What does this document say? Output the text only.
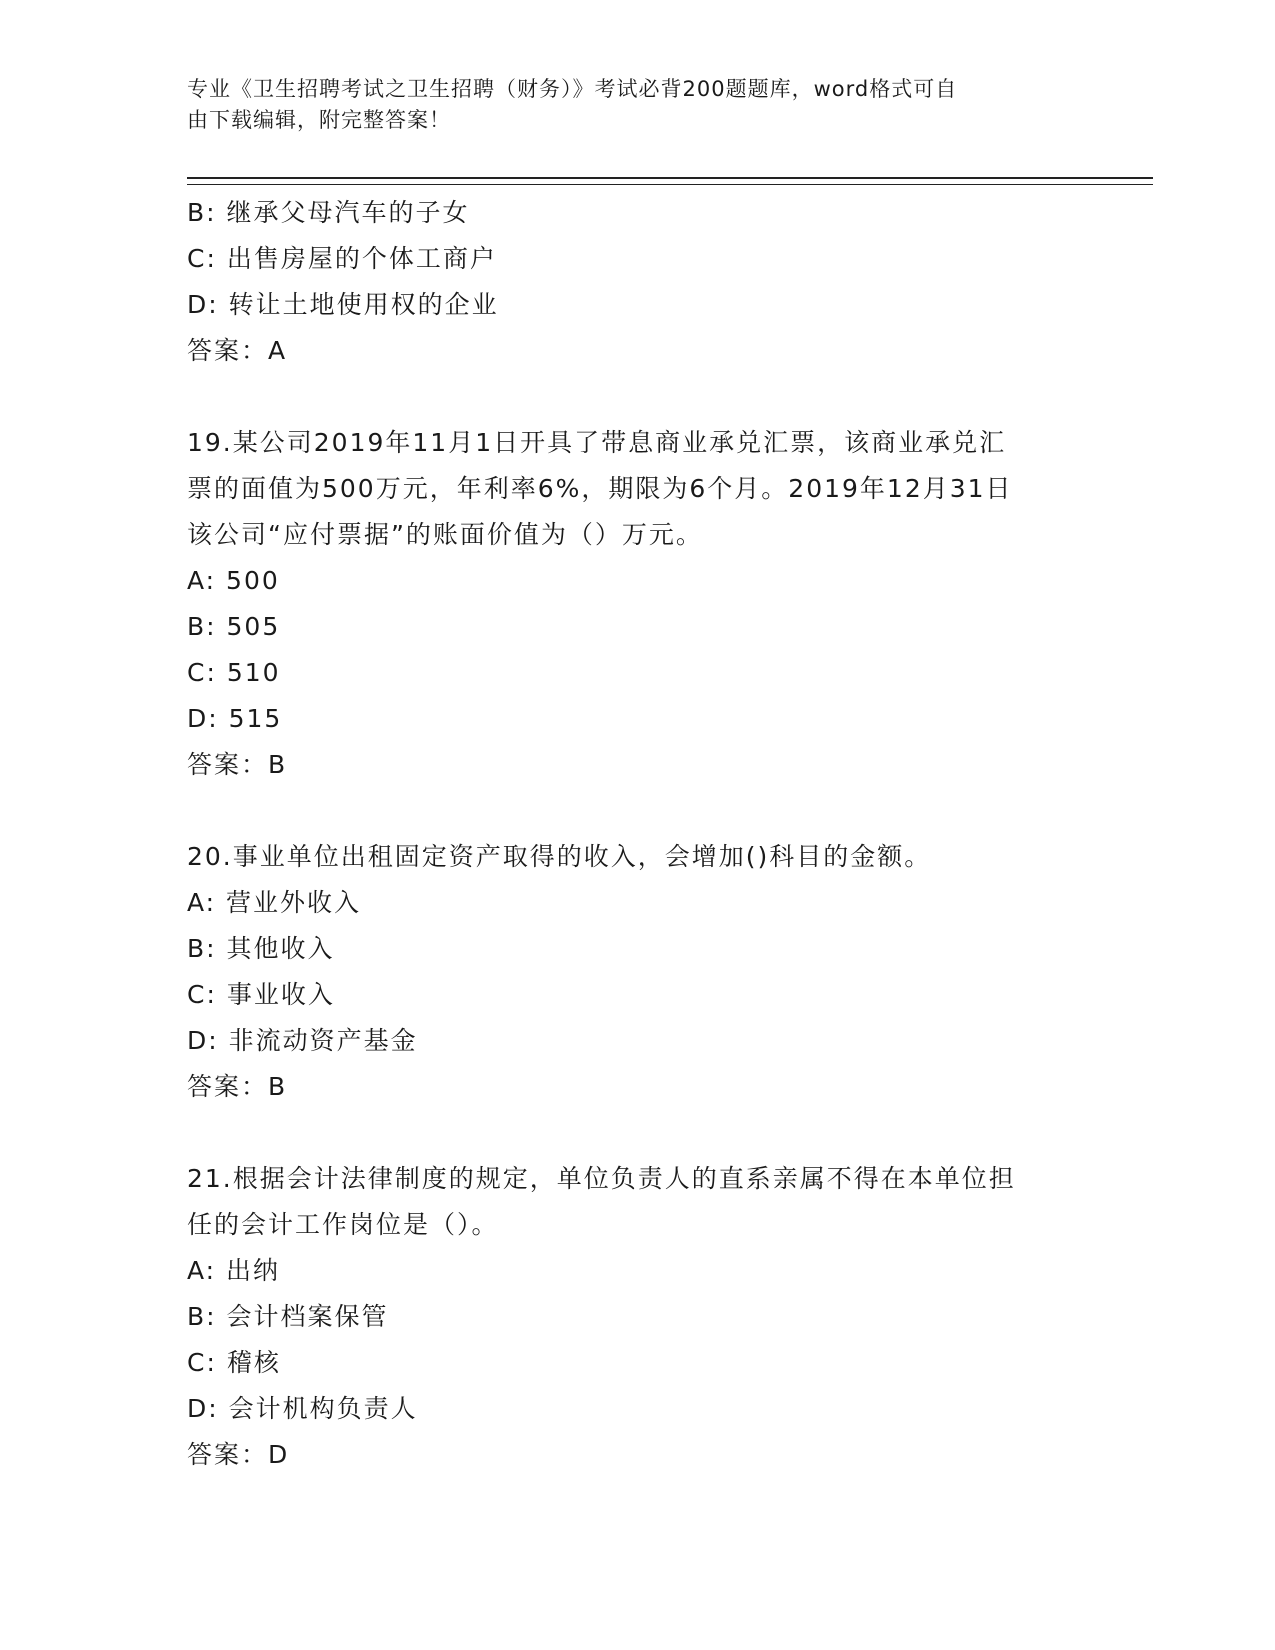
专业《卫生招聘考试之卫生招聘（财务）》考试必背200题题库，word格式可自
由下载编辑，附完整答案！
B: 继承父母汽车的子女
C: 出售房屋的个体工商户
D: 转让土地使用权的企业
答案：A
19.某公司2019年11月1日开具了带息商业承兑汇票，该商业承兑汇
票的面值为500万元，年利率6%，期限为6个月。2019年12月31日
该公司“应付票据”的账面价值为（）万元。
A: 500
B: 505
C: 510
D: 515
答案：B
20.事业单位出租固定资产取得的收入，会增加()科目的金额。
A: 营业外收入
B: 其他收入
C: 事业收入
D: 非流动资产基金
答案：B
21.根据会计法律制度的规定，单位负责人的直系亲属不得在本单位担
任的会计工作岗位是（）。
A: 出纳
B: 会计档案保管
C: 稽核
D: 会计机构负责人
答案：D
